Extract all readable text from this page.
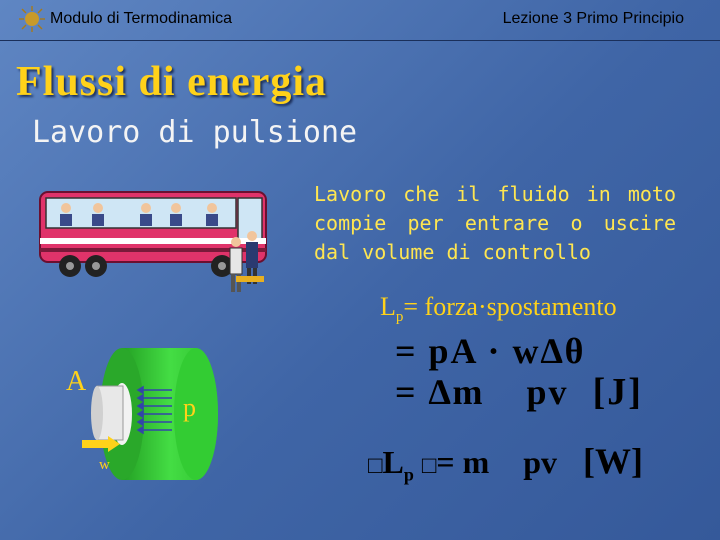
Modulo di Termodinamica	Lezione 3 Primo Principio
Flussi di energia
Lavoro di pulsione
Lavoro che il fluido in moto compie per entrare o uscire dal volume di controllo
$L_p=$ forza·spostamento
= pA · w∆θ
= ∆m pv [J]
$□L_p$ □= m pv [W]
A
p
w
